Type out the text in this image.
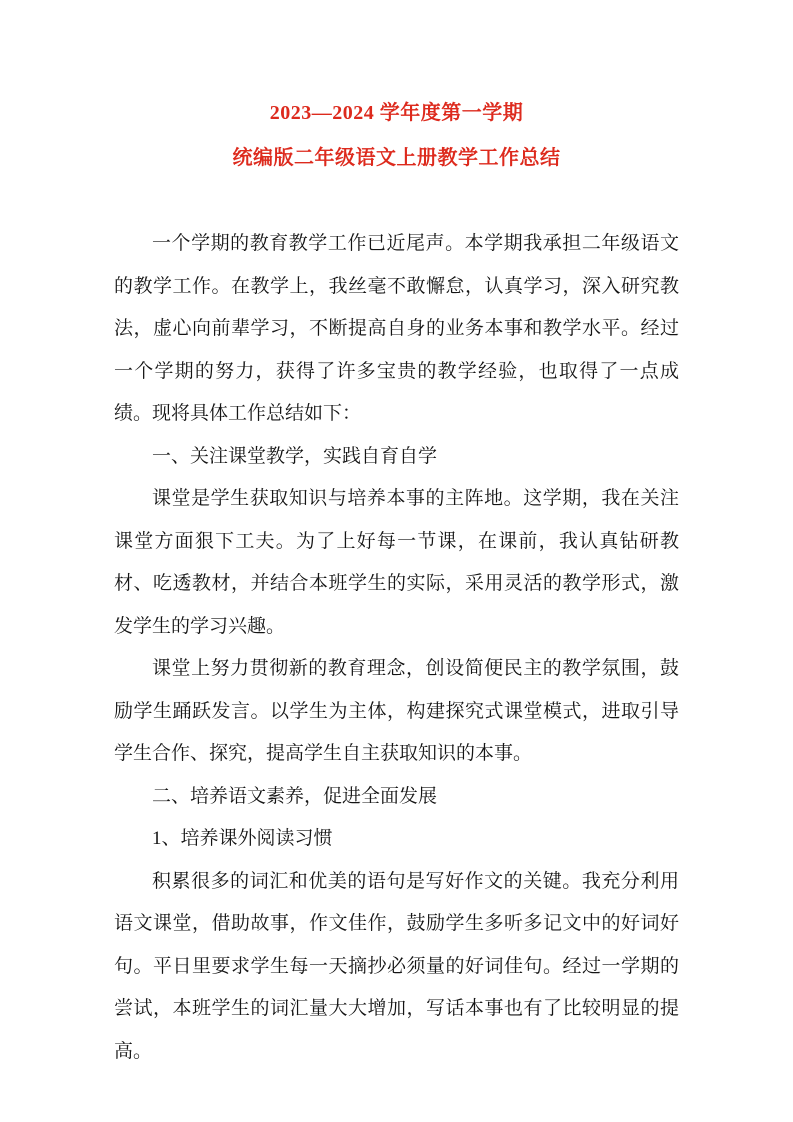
2023—2024 学年度第一学期
统编版二年级语文上册教学工作总结

一个学期的教育教学工作已近尾声。本学期我承担二年级语文的教学工作。在教学上，我丝毫不敢懈怠，认真学习，深入研究教法，虚心向前辈学习，不断提高自身的业务本事和教学水平。经过一个学期的努力，获得了许多宝贵的教学经验，也取得了一点成绩。现将具体工作总结如下：

一、关注课堂教学，实践自育自学

课堂是学生获取知识与培养本事的主阵地。这学期，我在关注课堂方面狠下工夫。为了上好每一节课，在课前，我认真钻研教材、吃透教材，并结合本班学生的实际，采用灵活的教学形式，激发学生的学习兴趣。

课堂上努力贯彻新的教育理念，创设简便民主的教学氛围，鼓励学生踊跃发言。以学生为主体，构建探究式课堂模式，进取引导学生合作、探究，提高学生自主获取知识的本事。

二、培养语文素养，促进全面发展

1、培养课外阅读习惯

积累很多的词汇和优美的语句是写好作文的关键。我充分利用语文课堂，借助故事，作文佳作，鼓励学生多听多记文中的好词好句。平日里要求学生每一天摘抄必须量的好词佳句。经过一学期的尝试，本班学生的词汇量大大增加，写话本事也有了比较明显的提高。
